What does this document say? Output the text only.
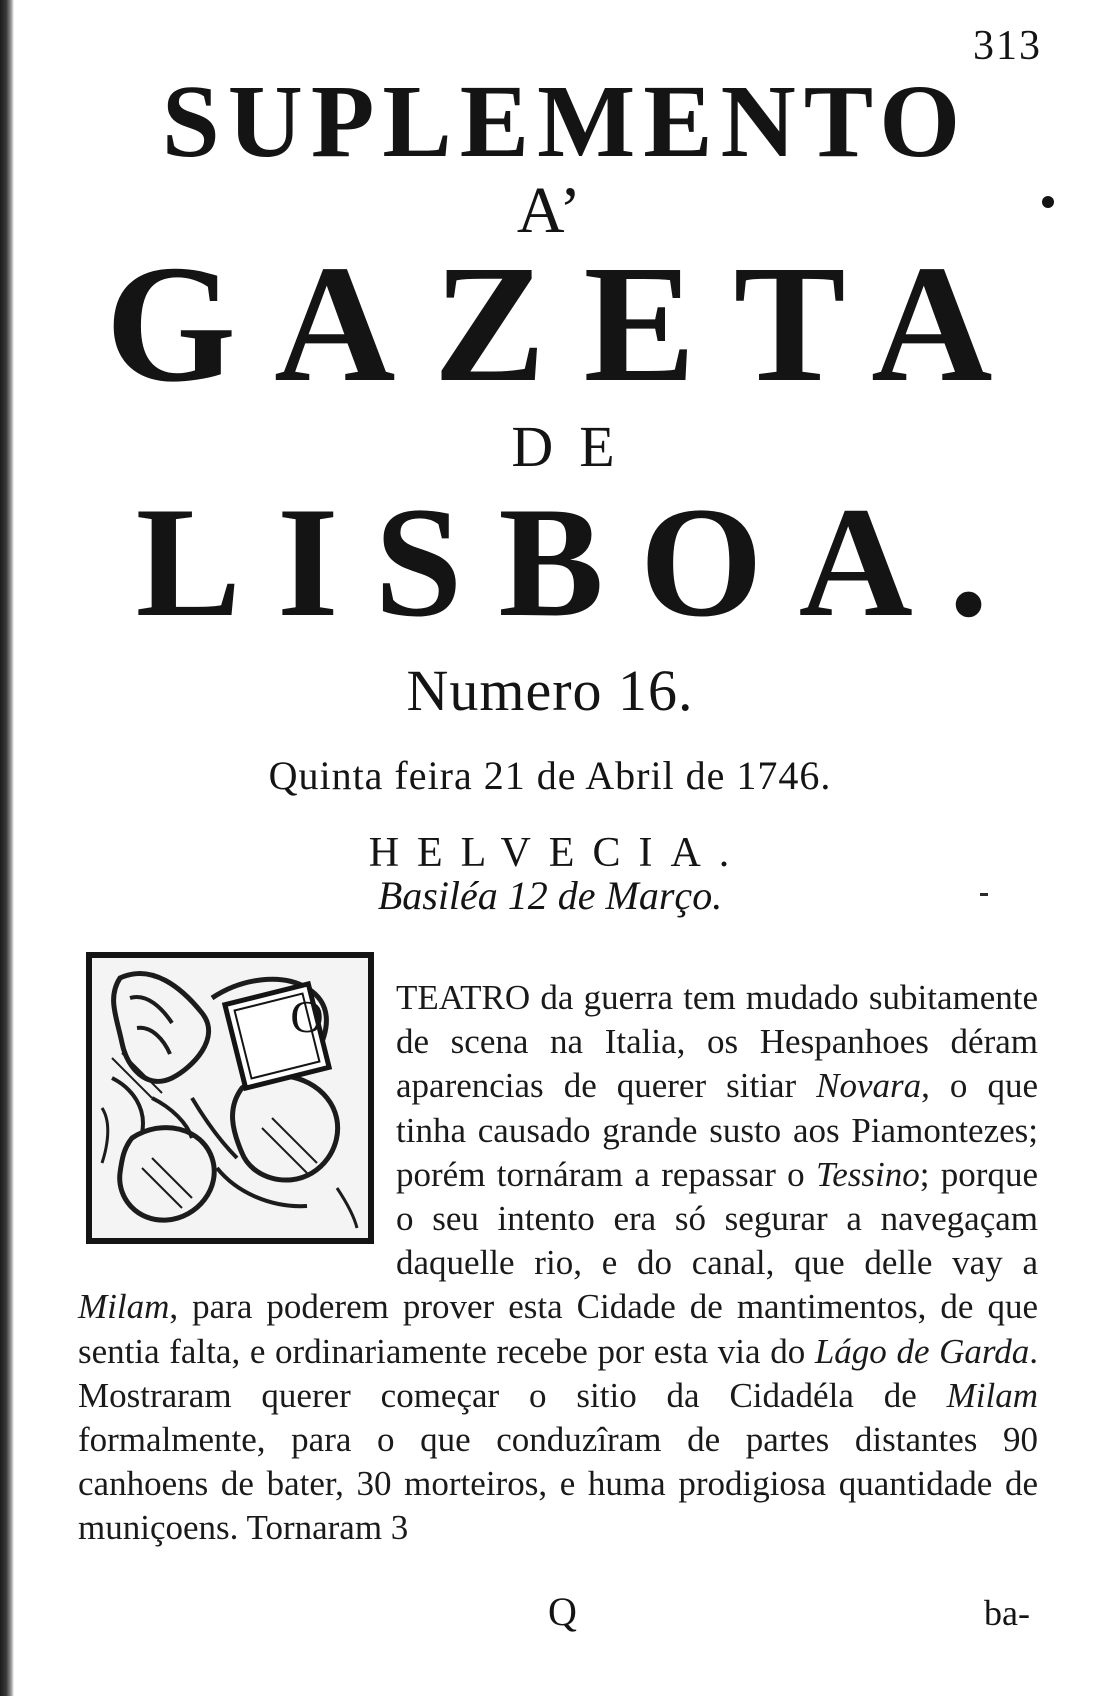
313
SUPLEMENTO
A’
GAZETA
DE
LISBOA.
Numero 16.
Quinta feira 21 de Abril de 1746.
HELVECIA.
Basiléa 12 de Março.
O	TEATRO da guerra tem mudado subitamente de scena na Italia, os Hespanhoes déram aparencias de querer sitiar Novara, o que tinha causado grande susto aos Piamontezes; porém tornáram a repassar o Tessino; porque o seu intento era só segurar a navegaçam daquelle rio, e do canal, que delle vay a Milam, para poderem prover esta Cidade de mantimentos, de que sentia falta, e ordinariamente recebe por esta via do Lágo de Garda. Mostraram querer começar o sitio da Cidadéla de Milam formalmente, para o que conduzîram de partes distantes 90 canhoens de bater, 30 morteiros, e huma prodigiosa quantidade de muniçoens. Tornaram 3
Q	ba-
